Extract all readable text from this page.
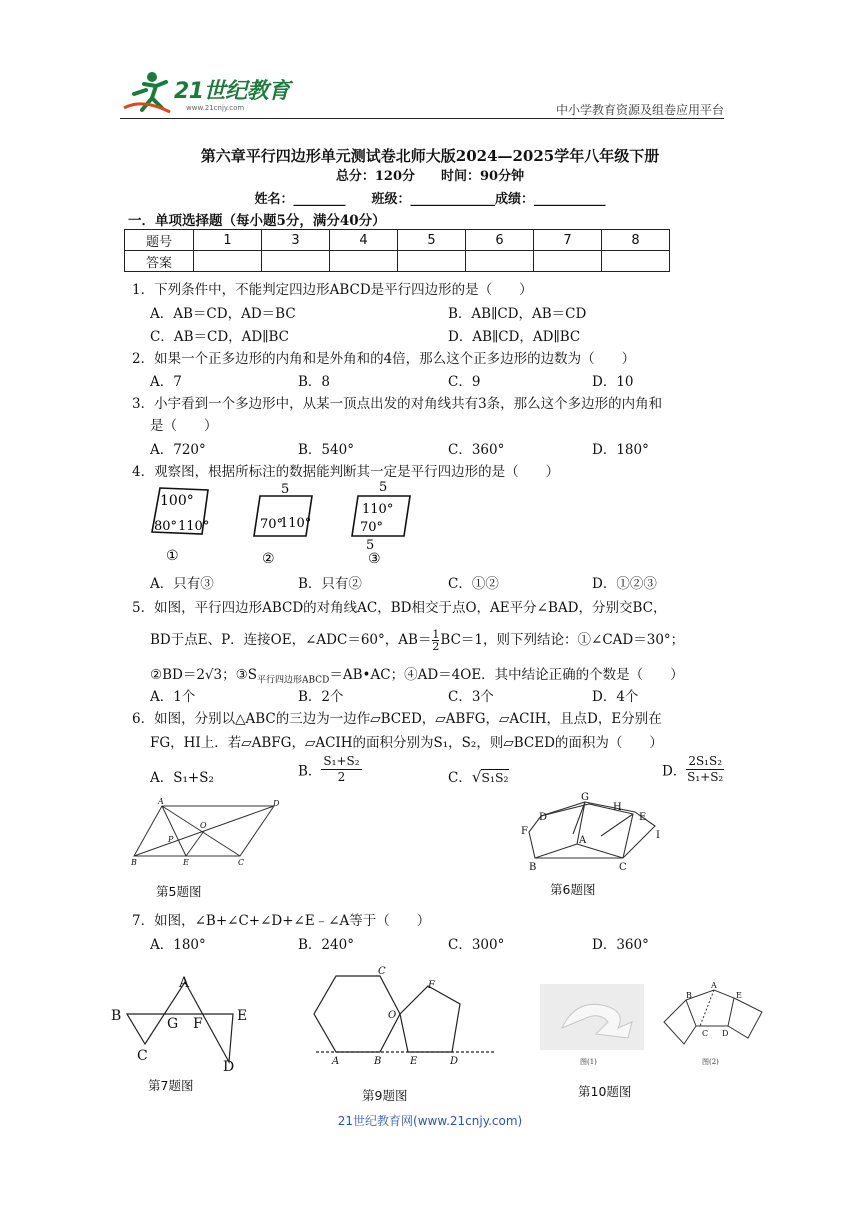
21世纪教育
www.21cnjy.com	中小学教育资源及组卷应用平台
第六章平行四边形单元测试卷北师大版2024—2025学年八年级下册
总分：120分　　时间：90分钟
姓名：________　　班级：_____________成绩：___________
一．单项选择题（每小题5分，满分40分）
题号	1	3	4	5	6	7	8
答案							
1．下列条件中，不能判定四边形ABCD是平行四边形的是（　　）
A．AB＝CD，AD＝BC	B．AB∥CD，AB＝CD
C．AB＝CD，AD∥BC	D．AB∥CD，AD∥BC
2．如果一个正多边形的内角和是外角和的4倍，那么这个正多边形的边数为（　　）
A．7	B．8	C．9	D．10
3．小宇看到一个多边形中，从某一顶点出发的对角线共有3条，那么这个多边形的内角和
是（　　）
A．720°	B．540°	C．360°	D．180°
4．观察图，根据所标注的数据能判断其一定是平行四边形的是（　　）
100°
80° 110°
①
5
70°
110°
②
5
110°
70°
5
③
A．只有③	B．只有②	C．①②	D．①②③
5．如图，平行四边形ABCD的对角线AC，BD相交于点O，AE平分∠BAD，分别交BC，
BD于点E、P．连接OE，∠ADC＝60°，$AB= \frac{1}{2} BC=1$，则下列结论：①∠CAD＝30°；
②BD＝2√3；$③S_{平行四边形ABCD}=AB•AC$；④AD＝4OE．其中结论正确的个数是（　　）
A．1个	B．2个	C．3个	D．4个
6．如图，分别以△ABC的三边为一边作▱BCED，▱ABFG，▱ACIH，且点D，E分别在
FG，HI上．若▱ABFG，▱ACIH的面积分别为S₁，S₂，则▱BCED的面积为（　　）
A．S₁+S₂	B． $\frac{\text{S₁+S₂}}{2}$	C．√S₁S₂	D． $\frac{\text{2S₁S₂}}{\text{S₁+S₂}}$
A	D
B	E	C
P
O
第5题图
G
H
D	E
F
A	I
B	C
第6题图
7．如图，∠B+∠C+∠D+∠E﹣∠A等于（　　）
A．180°	B．240°	C．300°	D．360°
A
B	G F E
C
D
第7题图
C
F
O
A	B	E	D
第9题图
图(1)
A
B	E
C D
图(2)
第10题图
21世纪教育网(www.21cnjy.com)
